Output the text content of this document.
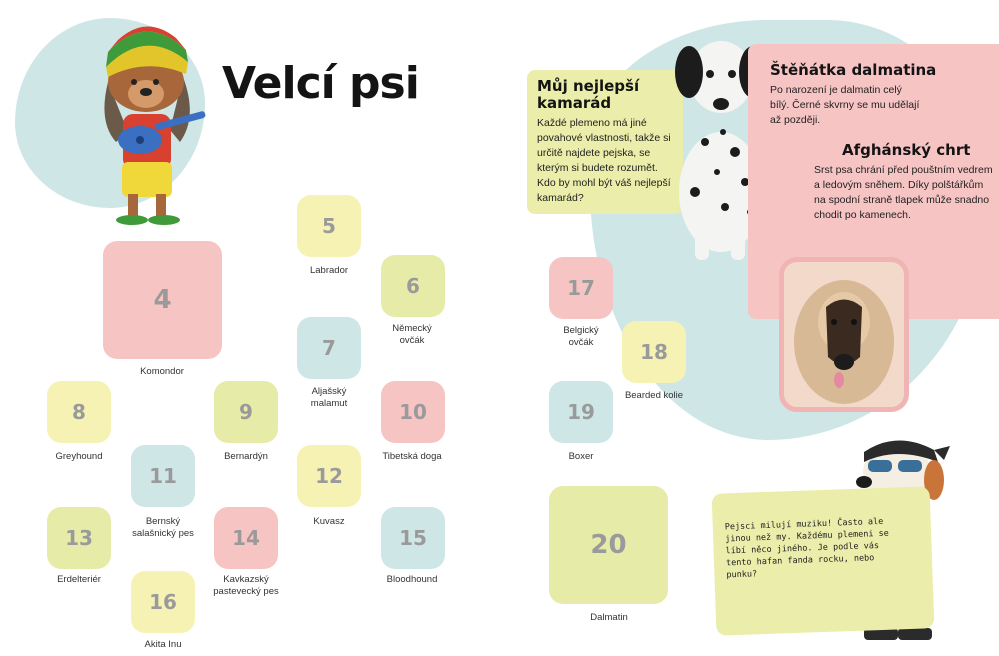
Velcí psi
4
Komondor
5
Labrador
6
Německý ovčák
7
Aljašský malamut
8
Greyhound
9
Bernardýn
10
Tibetská doga
11
Bernský salašnický pes
12
Kuvasz
13
Erdelteriér
14
Kavkazský pastevecký pes
15
Bloodhound
16
Akita Inu
17
Belgický ovčák	18
Bearded kolie
19
Boxer
20
Dalmatin
Můj nejlepší kamarád
Každé plemeno má jiné povahové vlastnosti, takže si určitě najdete pejska, se kterým si budete rozumět. Kdo by mohl být váš nejlepší kamarád?
Štěňátka dalmatina
Po narození je dalmatin celý bílý. Černé skvrny se mu udělají až později.
Afghánský chrt
Srst psa chrání před pouštním vedrem a ledovým sněhem. Díky polštářkům na spodní straně tlapek může snadno chodit po kamenech.
Pejsci milují muziku! Často ale jinou než my. Každému plemeni se líbí něco jiného. Je podle vás tento hafan fanda rocku, nebo punku?
